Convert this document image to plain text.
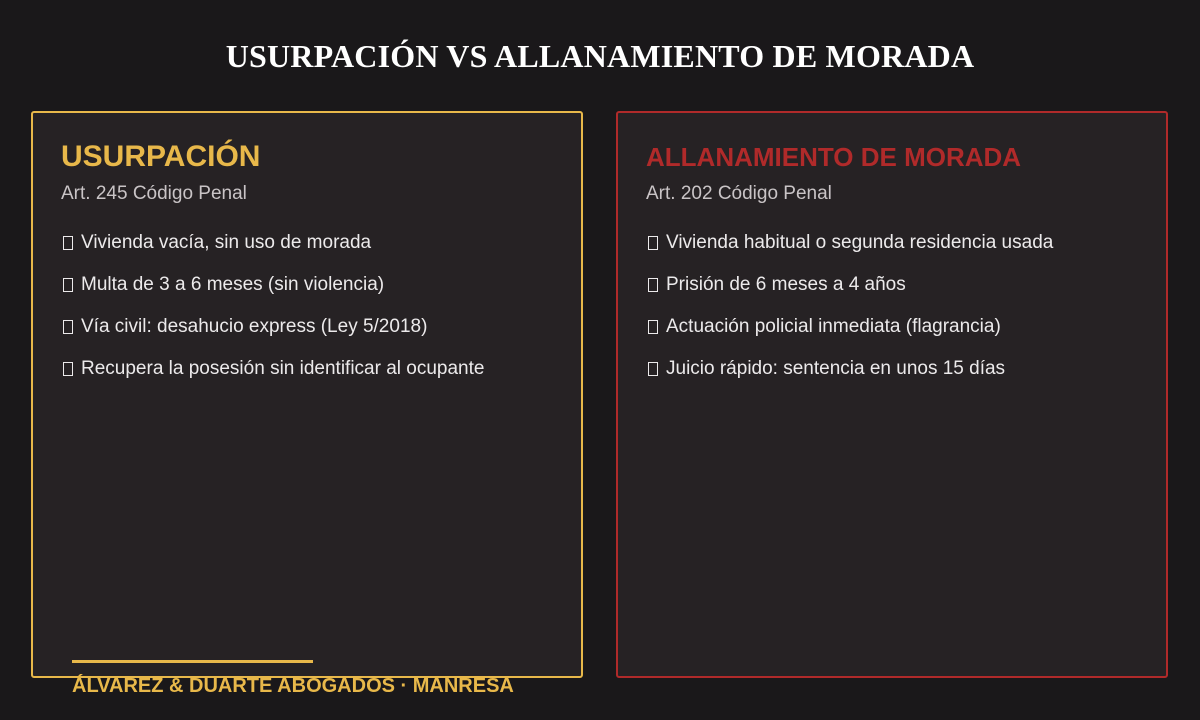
USURPACIÓN VS ALLANAMIENTO DE MORADA
USURPACIÓN
Art. 245 Código Penal
Vivienda vacía, sin uso de morada
Multa de 3 a 6 meses (sin violencia)
Vía civil: desahucio express (Ley 5/2018)
Recupera la posesión sin identificar al ocupante
ALLANAMIENTO DE MORADA
Art. 202 Código Penal
Vivienda habitual o segunda residencia usada
Prisión de 6 meses a 4 años
Actuación policial inmediata (flagrancia)
Juicio rápido: sentencia en unos 15 días
ÁLVAREZ & DUARTE ABOGADOS · MANRESA
